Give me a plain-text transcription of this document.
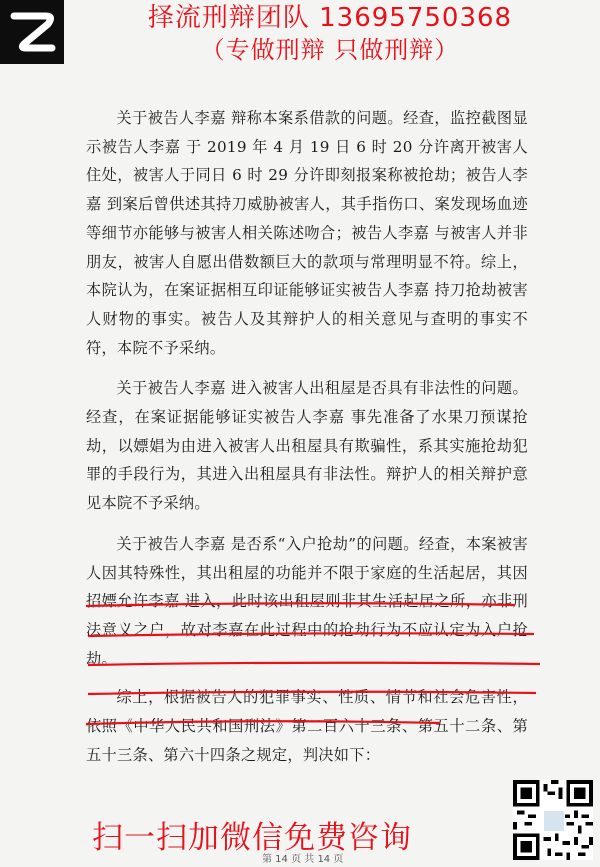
择流刑辩团队 13695750368
（专做刑辩 只做刑辩）

关于被告人李嘉 辩称本案系借款的问题。经查，监控截图显示被告人李嘉 于 2019 年 4 月 19 日 6 时 20 分许离开被害人住处，被害人于同日 6 时 29 分许即刻报案称被抢劫；被告人李嘉 到案后曾供述其持刀威胁被害人，其手指伤口、案发现场血迹等细节亦能够与被害人相关陈述吻合；被告人李嘉 与被害人并非朋友，被害人自愿出借数额巨大的款项与常理明显不符。综上，本院认为，在案证据相互印证能够证实被告人李嘉 持刀抢劫被害人财物的事实。被告人及其辩护人的相关意见与查明的事实不符，本院不予采纳。

关于被告人李嘉 进入被害人出租屋是否具有非法性的问题。经查，在案证据能够证实被告人李嘉 事先准备了水果刀预谋抢劫，以嫖娼为由进入被害人出租屋具有欺骗性，系其实施抢劫犯罪的手段行为，其进入出租屋具有非法性。辩护人的相关辩护意见本院不予采纳。

关于被告人李嘉 是否系“入户抢劫”的问题。经查，本案被害人因其特殊性，其出租屋的功能并不限于家庭的生活起居，其因招嫖允许李嘉 进入，此时该出租屋则非其生活起居之所，亦非刑法意义之户，故对李嘉在此过程中的抢劫行为不应认定为入户抢劫。

综上，根据被告人的犯罪事实、性质、情节和社会危害性，依照《中华人民共和国刑法》第二百六十三条、第五十二条、第五十三条、第六十四条之规定，判决如下：

扫一扫加微信免费咨询
第 14 页 共 14 页
